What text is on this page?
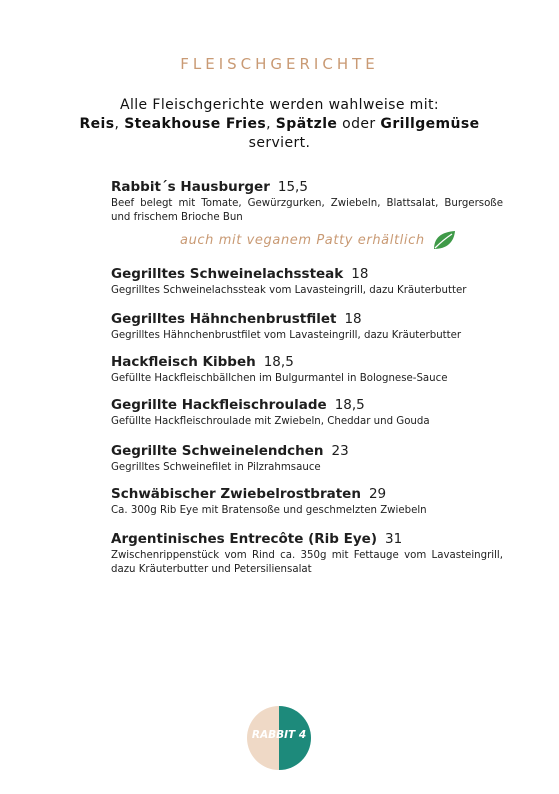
FLEISCHGERICHTE
Alle Fleischgerichte werden wahlweise mit:
Reis, Steakhouse Fries, Spätzle oder Grillgemüse
serviert.
Rabbit´s Hausburger 15,5
Beef belegt mit Tomate, Gewürzgurken, Zwiebeln, Blattsalat, Burgersoße und frischem Brioche Bun
auch mit veganem Patty erhältlich
Gegrilltes Schweinelachssteak 18
Gegrilltes Schweinelachssteak vom Lavasteingrill, dazu Kräuterbutter
Gegrilltes Hähnchenbrustfilet 18
Gegrilltes Hähnchenbrustfilet vom Lavasteingrill, dazu Kräuterbutter
Hackfleisch Kibbeh 18,5
Gefüllte Hackfleischbällchen im Bulgurmantel in Bolognese-Sauce
Gegrillte Hackfleischroulade 18,5
Gefüllte Hackfleischroulade mit Zwiebeln, Cheddar und Gouda
Gegrillte Schweinelendchen 23
Gegrilltes Schweinefilet in Pilzrahmsauce
Schwäbischer Zwiebelrostbraten 29
Ca. 300g Rib Eye mit Bratensoße und geschmelzten Zwiebeln
Argentinisches Entrecôte (Rib Eye) 31
Zwischenrippenstück vom Rind ca. 350g mit Fettauge vom Lavasteingrill, dazu Kräuterbutter und Petersiliensalat
RABBIT 4
